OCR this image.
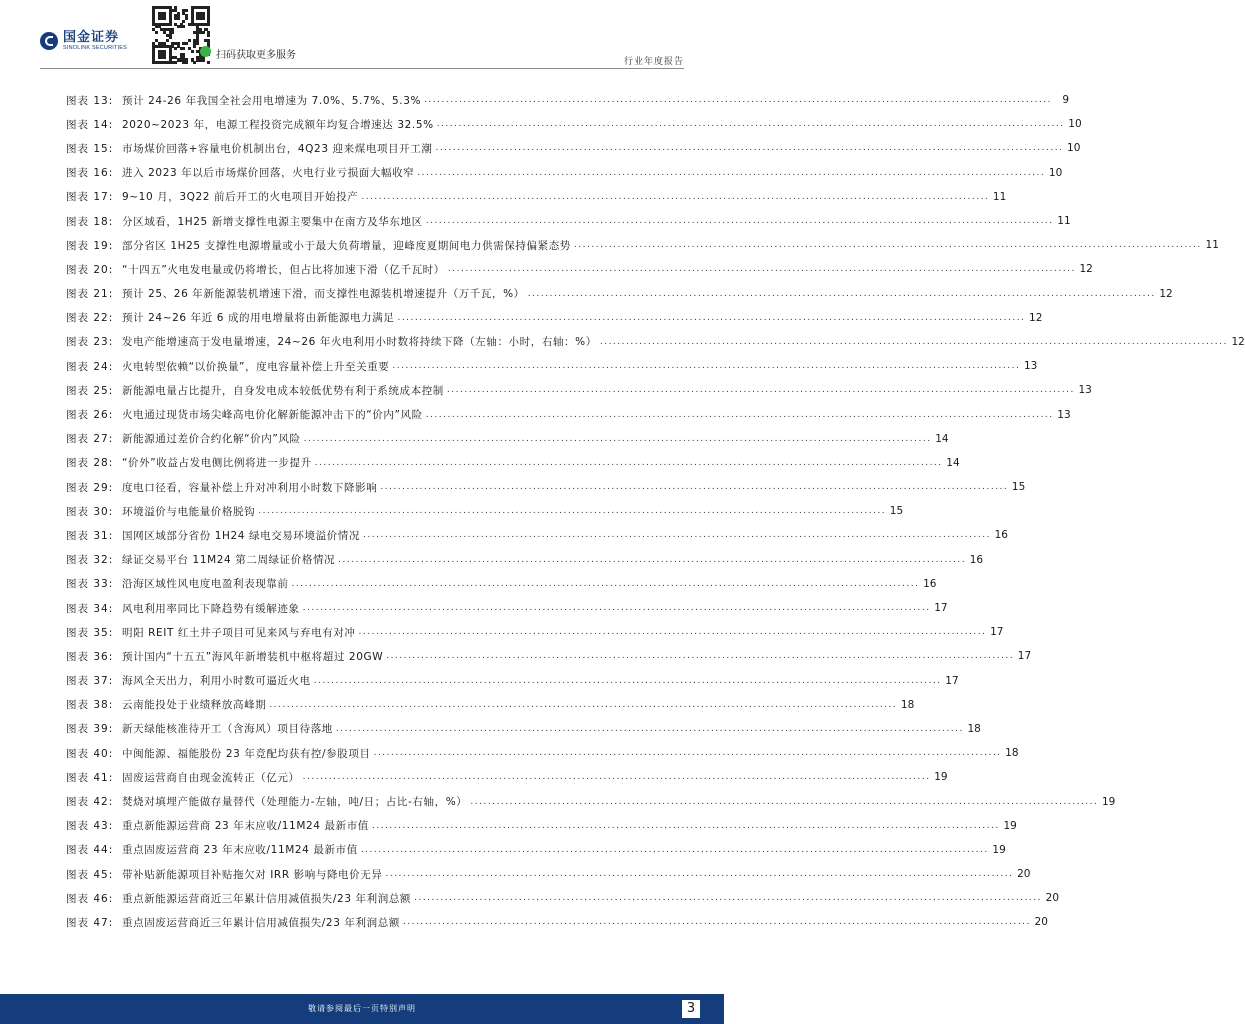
国金证券
SINOLINK SECURITIES
扫码获取更多服务
行业年度报告
图表 13: 预计 24-26 年我国全社会用电增速为 7.0%、5.7%、5.3% .....	9
图表 14: 2020~2023 年，电源工程投资完成额年均复合增速达 32.5% .....	10
图表 15: 市场煤价回落+容量电价机制出台，4Q23 迎来煤电项目开工潮 .....	10
图表 16: 进入 2023 年以后市场煤价回落，火电行业亏损面大幅收窄 .....	10
图表 17: 9~10 月，3Q22 前后开工的火电项目开始投产 .....	11
图表 18: 分区域看，1H25 新增支撑性电源主要集中在南方及华东地区 .....	11
图表 19: 部分省区 1H25 支撑性电源增量或小于最大负荷增量，迎峰度夏期间电力供需保持偏紧态势 .....	11
图表 20: “十四五”火电发电量或仍将增长，但占比将加速下滑（亿千瓦时） .....	12
图表 21: 预计 25、26 年新能源装机增速下滑，而支撑性电源装机增速提升（万千瓦，%） .....	12
图表 22: 预计 24~26 年近 6 成的用电增量将由新能源电力满足 .....	12
图表 23: 发电产能增速高于发电量增速，24~26 年火电利用小时数将持续下降（左轴：小时，右轴：%） .....	12
图表 24: 火电转型依赖“以价换量”，度电容量补偿上升至关重要 .....	13
图表 25: 新能源电量占比提升，自身发电成本较低优势有利于系统成本控制 .....	13
图表 26: 火电通过现货市场尖峰高电价化解新能源冲击下的“价内”风险 .....	13
图表 27: 新能源通过差价合约化解“价内”风险 .....	14
图表 28: “价外”收益占发电侧比例将进一步提升 .....	14
图表 29: 度电口径看，容量补偿上升对冲利用小时数下降影响 .....	15
图表 30: 环境溢价与电能量价格脱钩 .....	15
图表 31: 国网区域部分省份 1H24 绿电交易环境溢价情况 .....	16
图表 32: 绿证交易平台 11M24 第二周绿证价格情况 .....	16
图表 33: 沿海区域性风电度电盈利表现靠前 .....	16
图表 34: 风电利用率同比下降趋势有缓解迹象 .....	17
图表 35: 明阳 REIT 红土井子项目可见来风与弃电有对冲 .....	17
图表 36: 预计国内“十五五”海风年新增装机中枢将超过 20GW .....	17
图表 37: 海风全天出力，利用小时数可逼近火电 .....	17
图表 38: 云南能投处于业绩释放高峰期 .....	18
图表 39: 新天绿能核准待开工（含海风）项目待落地 .....	18
图表 40: 中闽能源、福能股份 23 年竞配均获有控/参股项目 .....	18
图表 41: 固废运营商自由现金流转正（亿元） .....	19
图表 42: 焚烧对填埋产能做存量替代（处理能力-左轴，吨/日；占比-右轴，%） .....	19
图表 43: 重点新能源运营商 23 年末应收/11M24 最新市值 .....	19
图表 44: 重点固废运营商 23 年末应收/11M24 最新市值 .....	19
图表 45: 带补贴新能源项目补贴拖欠对 IRR 影响与降电价无异 .....	20
图表 46: 重点新能源运营商近三年累计信用减值损失/23 年利润总额 .....	20
图表 47: 重点固废运营商近三年累计信用减值损失/23 年利润总额 .....	20
敬请参阅最后一页特别声明	3
